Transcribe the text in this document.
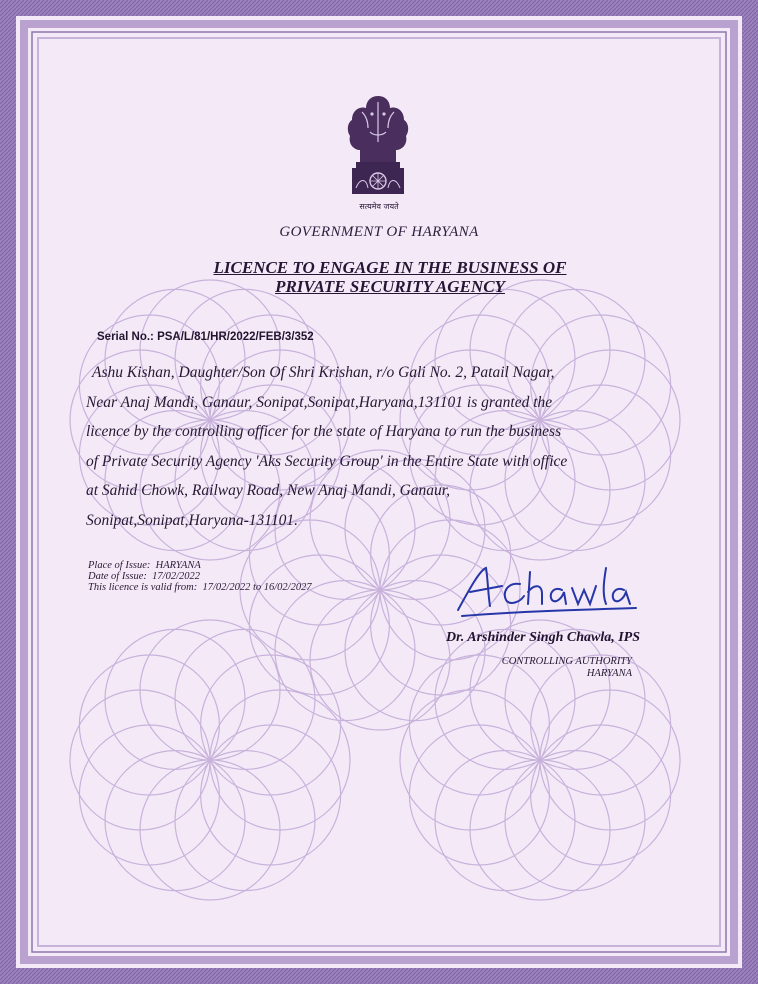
सत्यमेव जयते
GOVERNMENT OF HARYANA
LICENCE TO ENGAGE IN THE BUSINESS OF
PRIVATE SECURITY AGENCY
Serial No.: PSA/L/81/HR/2022/FEB/3/352
Ashu Kishan, Daughter/Son Of Shri Krishan, r/o Gali No. 2, Patail Nagar,
Near Anaj Mandi, Ganaur, Sonipat,Sonipat,Haryana,131101 is granted the
licence by the controlling officer for the state of Haryana to run the business
of Private Security Agency 'Aks Security Group' in the Entire State with office
at Sahid Chowk, Railway Road, New Anaj Mandi, Ganaur,
Sonipat,Sonipat,Haryana-131101.
Place of Issue: HARYANA
Date of Issue: 17/02/2022
This licence is valid from: 17/02/2022 to 16/02/2027
Dr. Arshinder Singh Chawla, IPS
CONTROLLING AUTHORITY
HARYANA
